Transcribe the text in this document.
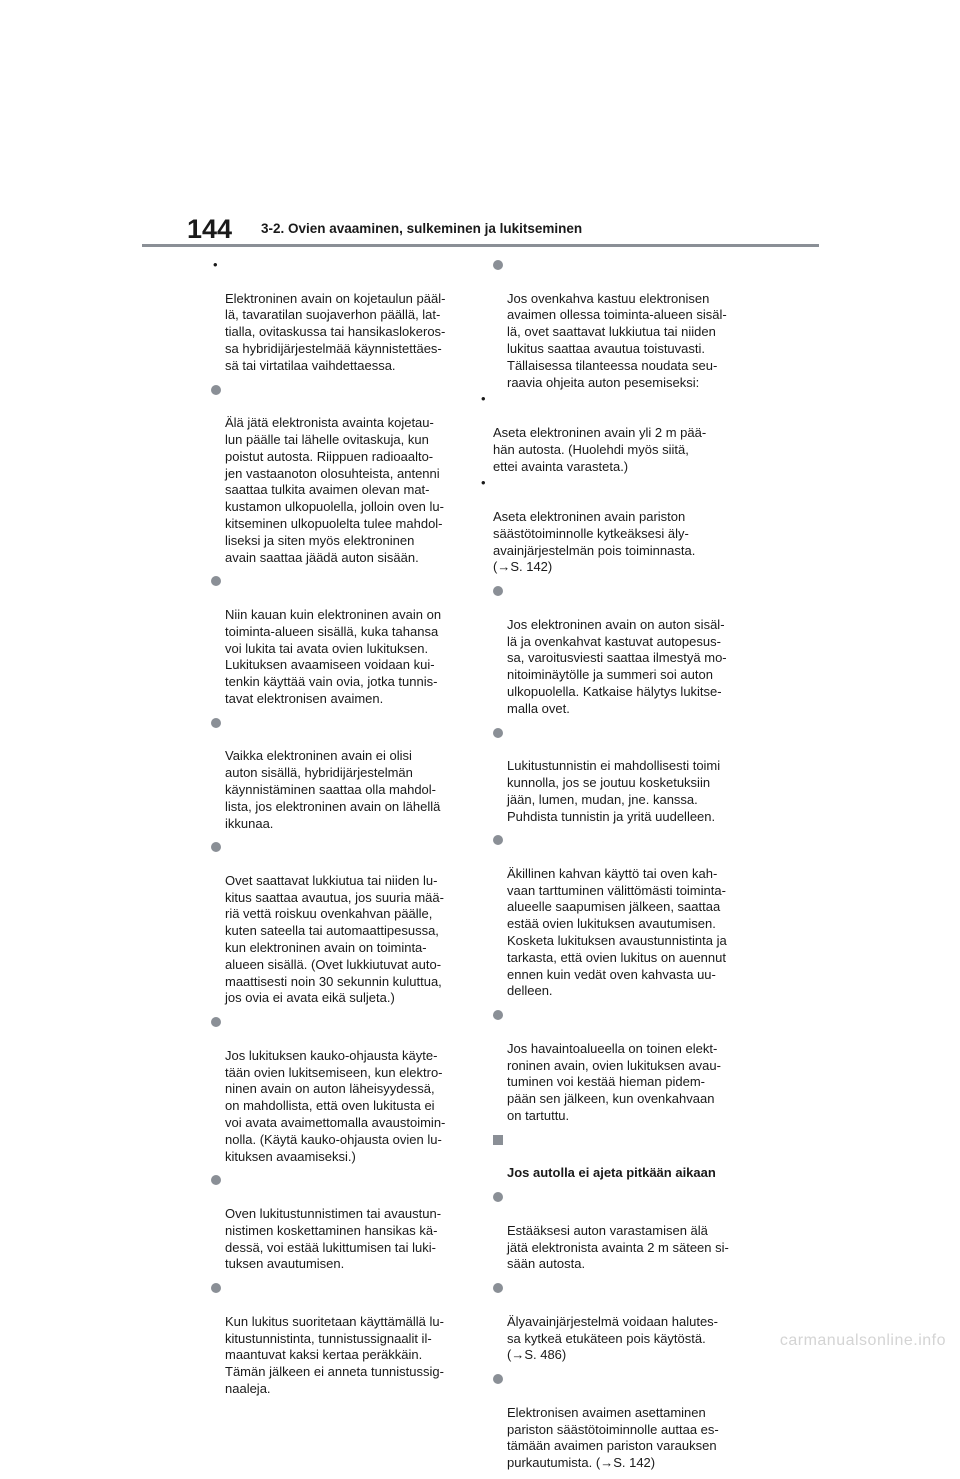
144 3-2. Ovien avaaminen, sulkeminen ja lukitseminen

•

Elektroninen avain on kojetaulun pääl-
lä, tavaratilan suojaverhon päällä, lat-
tialla, ovitaskussa tai hansikaslokeros-
sa hybridijärjestelmää käynnistettäes-
sä tai virtatilaa vaihdettaessa.

Älä jätä elektronista avainta kojetau-
lun päälle tai lähelle ovitaskuja, kun
poistut autosta. Riippuen radioaalto-
jen vastaanoton olosuhteista, antenni
saattaa tulkita avaimen olevan mat-
kustamon ulkopuolella, jolloin oven lu-
kitseminen ulkopuolelta tulee mahdol-
liseksi ja siten myös elektroninen
avain saattaa jäädä auton sisään.

Niin kauan kuin elektroninen avain on
toiminta-alueen sisällä, kuka tahansa
voi lukita tai avata ovien lukituksen.
Lukituksen avaamiseen voidaan kui-
tenkin käyttää vain ovia, jotka tunnis-
tavat elektronisen avaimen.

Vaikka elektroninen avain ei olisi
auton sisällä, hybridijärjestelmän
käynnistäminen saattaa olla mahdol-
lista, jos elektroninen avain on lähellä
ikkunaa.

Ovet saattavat lukkiutua tai niiden lu-
kitus saattaa avautua, jos suuria mää-
riä vettä roiskuu ovenkahvan päälle,
kuten sateella tai automaattipesussa,
kun elektroninen avain on toiminta-
alueen sisällä. (Ovet lukkiutuvat auto-
maattisesti noin 30 sekunnin kuluttua,
jos ovia ei avata eikä suljeta.)

Jos lukituksen kauko-ohjausta käyte-
tään ovien lukitsemiseen, kun elektro-
ninen avain on auton läheisyydessä,
on mahdollista, että oven lukitusta ei
voi avata avaimettomalla avaustoimin-
nolla. (Käytä kauko-ohjausta ovien lu-
kituksen avaamiseksi.)

Oven lukitustunnistimen tai avaustun-
nistimen koskettaminen hansikas kä-
dessä, voi estää lukittumisen tai luki-
tuksen avautumisen.

Kun lukitus suoritetaan käyttämällä lu-
kitustunnistinta, tunnistussignaalit il-
maantuvat kaksi kertaa peräkkäin.
Tämän jälkeen ei anneta tunnistussig-
naaleja.

Jos ovenkahva kastuu elektronisen
avaimen ollessa toiminta-alueen sisäl-
lä, ovet saattavat lukkiutua tai niiden
lukitus saattaa avautua toistuvasti.
Tällaisessa tilanteessa noudata seu-
raavia ohjeita auton pesemiseksi:

•

Aseta elektroninen avain yli 2 m pää-
hän autosta. (Huolehdi myös siitä,
ettei avainta varasteta.)

•

Aseta elektroninen avain pariston
säästötoiminnolle kytkeäksesi äly-
avainjärjestelmän pois toiminnasta.
(→S. 142)

Jos elektroninen avain on auton sisäl-
lä ja ovenkahvat kastuvat autopesus-
sa, varoitusviesti saattaa ilmestyä mo-
nitoiminäytölle ja summeri soi auton
ulkopuolella. Katkaise hälytys lukitse-
malla ovet.

Lukitustunnistin ei mahdollisesti toimi
kunnolla, jos se joutuu kosketuksiin
jään, lumen, mudan, jne. kanssa.
Puhdista tunnistin ja yritä uudelleen.

Äkillinen kahvan käyttö tai oven kah-
vaan tarttuminen välittömästi toiminta-
alueelle saapumisen jälkeen, saattaa
estää ovien lukituksen avautumisen.
Kosketa lukituksen avaustunnistinta ja
tarkasta, että ovien lukitus on auennut
ennen kuin vedät oven kahvasta uu-
delleen.

Jos havaintoalueella on toinen elekt-
roninen avain, ovien lukituksen avau-
tuminen voi kestää hieman pidem-
pään sen jälkeen, kun ovenkahvaan
on tartuttu.

Jos autolla ei ajeta pitkään aikaan

Estääksesi auton varastamisen älä
jätä elektronista avainta 2 m säteen si-
sään autosta.

Älyavainjärjestelmä voidaan halutes-
sa kytkeä etukäteen pois käytöstä.
(→S. 486)

Elektronisen avaimen asettaminen
pariston säästötoiminnolle auttaa es-
tämään avaimen pariston varauksen
purkautumista. (→S. 142)

carmanualsonline.info
